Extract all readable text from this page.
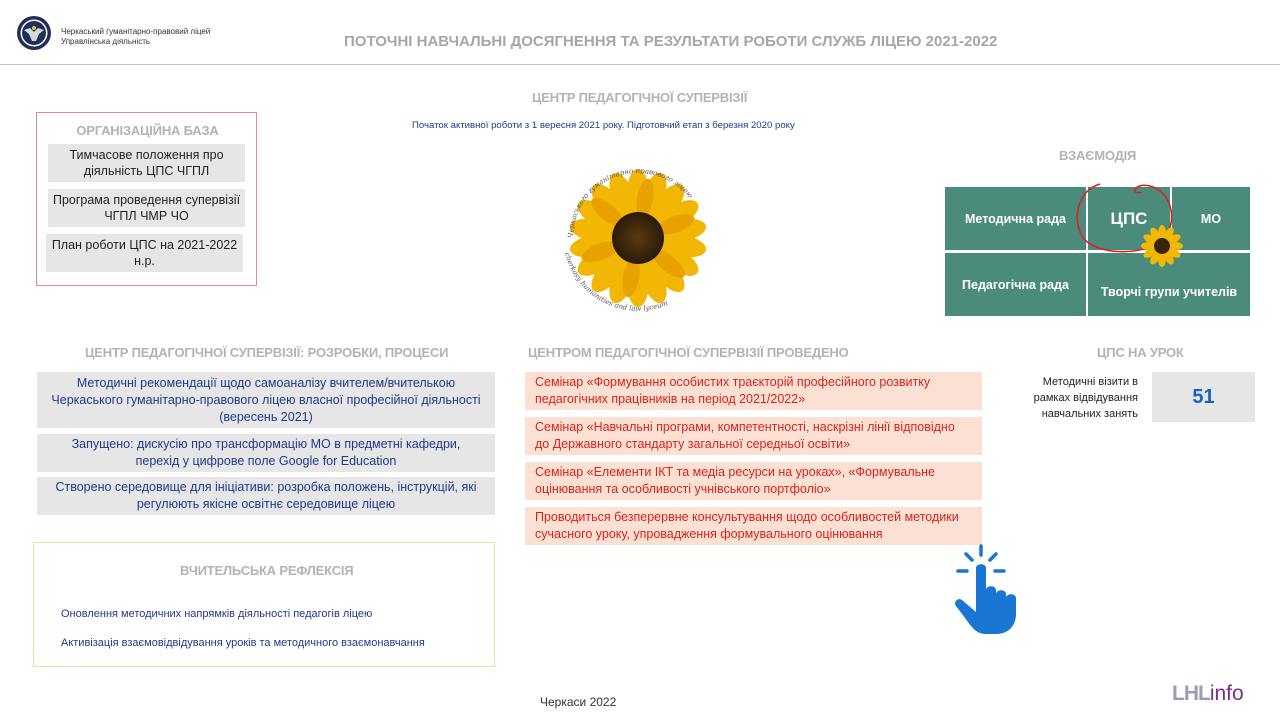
Черкаський гуманітарно-правовий ліцей
Управлінська діяльність	ПОТОЧНІ НАВЧАЛЬНІ ДОСЯГНЕННЯ ТА РЕЗУЛЬТАТИ РОБОТИ СЛУЖБ ЛІЦЕЮ 2021-2022
ОРГАНІЗАЦІЙНА БАЗА
Тимчасове положення про діяльність ЦПС ЧГПЛ
Програма проведення супервізії ЧГПЛ ЧМР ЧО
План роботи ЦПС на 2021-2022 н.р.
ЦЕНТР ПЕДАГОГІЧНОЇ СУПЕРВІЗІЇ
Початок активної роботи з 1 вересня 2021 року. Підготовчий етап з березня 2020 року
Черкаського гуманітарно-правового ліцею
cherkasy humanities and law lyceum
ВЗАЄМОДІЯ
Методична рада	ЦПС	МО
Педагогічна рада	Творчі групи учителів
ЦЕНТР ПЕДАГОГІЧНОЇ СУПЕРВІЗІЇ: РОЗРОБКИ, ПРОЦЕСИ
Методичні рекомендації щодо самоаналізу вчителем/вчителькою Черкаського гуманітарно-правового ліцею власної професійної діяльності (вересень 2021)
Запущено: дискусію про трансформацію МО в предметні кафедри, перехід у цифрове поле Google for Education
Створено середовище для ініціативи: розробка положень, інструкцій, які регулюють якісне освітнє середовище ліцею
ВЧИТЕЛЬСЬКА РЕФЛЕКСІЯ
Оновлення методичних напрямків діяльності педагогів ліцею
Активізація взаємовідвідування уроків та методичного взаємонавчання
ЦЕНТРОМ ПЕДАГОГІЧНОЇ СУПЕРВІЗІЇ ПРОВЕДЕНО
Семінар «Формування особистих траєкторій професійного розвитку педагогічних працівників на період 2021/2022»
Семінар «Навчальні програми, компетентності, наскрізні лінії відповідно до Державного стандарту загальної середньої освіти»
Семінар «Елементи ІКТ та медіа ресурси на уроках», «Формувальне оцінювання та особливості учнівського портфоліо»
Проводиться безперервне консультування щодо особливостей методики сучасного уроку, упровадження формувального оцінювання
ЦПС НА УРОК
Методичні візити в рамках відвідування навчальних занять
51
Черкаси 2022	LHLinfo
